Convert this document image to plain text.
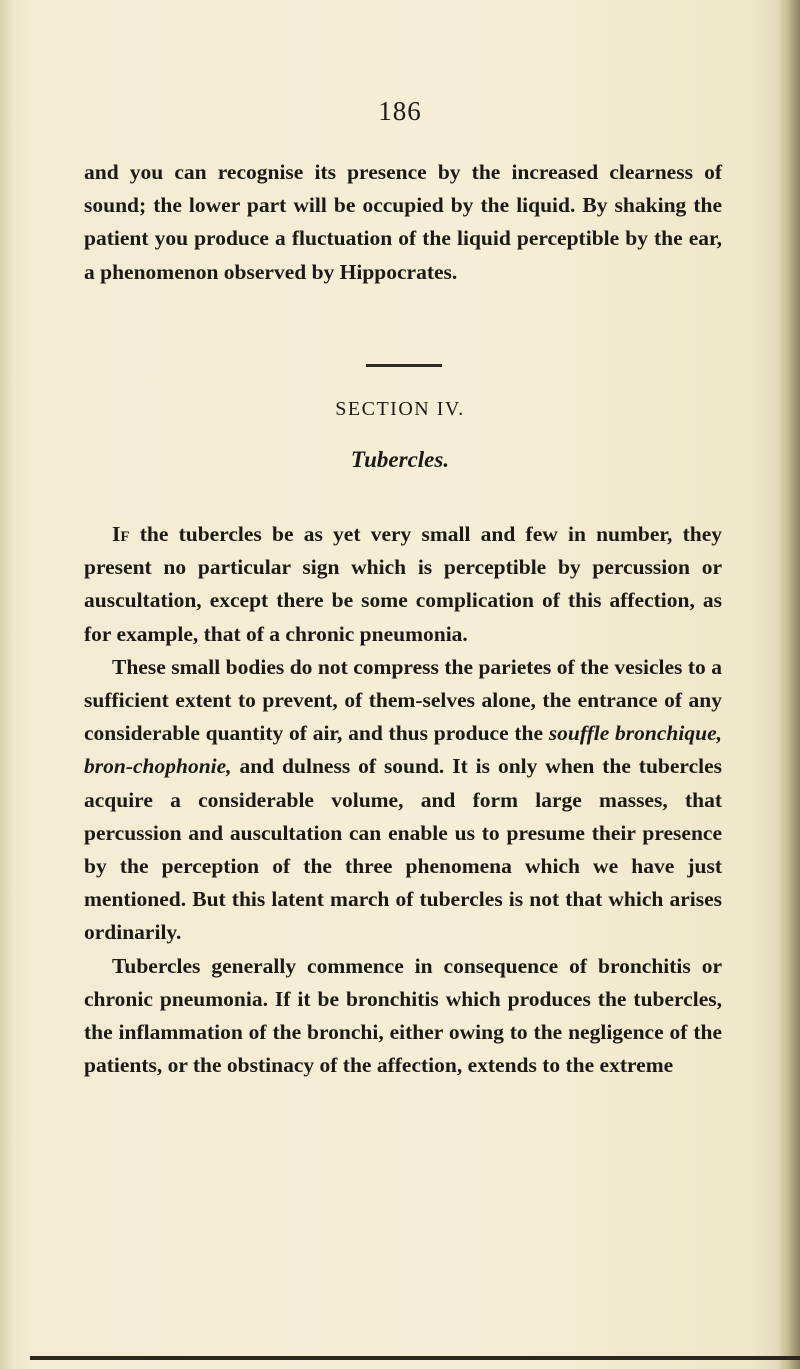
186

and you can recognise its presence by the increased clearness of sound; the lower part will be occupied by the liquid. By shaking the patient you produce a fluctuation of the liquid perceptible by the ear, a phenomenon observed by Hippocrates.

SECTION IV.
Tubercles.

If the tubercles be as yet very small and few in number, they present no particular sign which is perceptible by percussion or auscultation, except there be some complication of this affection, as for example, that of a chronic pneumonia.

These small bodies do not compress the parietes of the vesicles to a sufficient extent to prevent, of them-selves alone, the entrance of any considerable quantity of air, and thus produce the souffle bronchique, bron-chophonie, and dulness of sound. It is only when the tubercles acquire a considerable volume, and form large masses, that percussion and auscultation can enable us to presume their presence by the perception of the three phenomena which we have just mentioned. But this latent march of tubercles is not that which arises ordinarily.

Tubercles generally commence in consequence of bronchitis or chronic pneumonia. If it be bronchitis which produces the tubercles, the inflammation of the bronchi, either owing to the negligence of the patients, or the obstinacy of the affection, extends to the extreme
